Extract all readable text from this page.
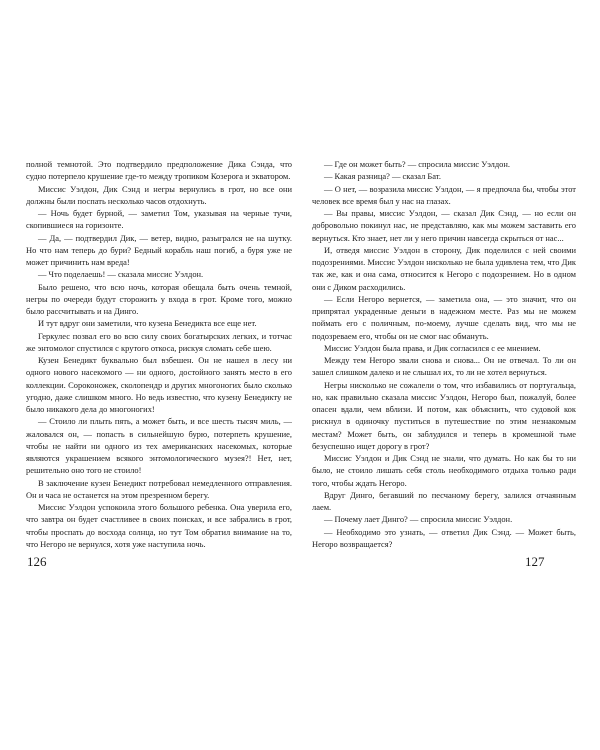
полной темнотой. Это подтвердило предположение Дика Сэнда, что судно потерпело крушение где-то между тропиком Козерога и экватором.

Миссис Уэлдон, Дик Сэнд и негры вернулись в грот, но все они должны были поспать несколько часов отдохнуть.

— Ночь будет бурной, — заметил Том, указывая на черные тучи, скопившиеся на горизонте.

— Да, — подтвердил Дик, — ветер, видно, разыгрался не на шутку. Но что нам теперь до бури? Бедный корабль наш погиб, а буря уже не может причинить нам вреда!

— Что поделаешь! — сказала миссис Уэлдон.

Было решено, что всю ночь, которая обещала быть очень темной, негры по очереди будут сторожить у входа в грот. Кроме того, можно было рассчитывать и на Динго.

И тут вдруг они заметили, что кузена Бенедикта все еще нет.

Геркулес позвал его во всю силу своих богатырских легких, и тотчас же энтомолог спустился с крутого откоса, рискуя сломать себе шею.

Кузен Бенедикт буквально был взбешен. Он не нашел в лесу ни одного нового насекомого — ни одного, достойного занять место в его коллекции. Сороконожек, сколопендр и других многоногих было сколько угодно, даже слишком много. Но ведь известно, что кузену Бенедикту не было никакого дела до многоногих!

— Стоило ли плыть пять, а может быть, и все шесть тысяч миль, — жаловался он, — попасть в сильнейшую бурю, потерпеть крушение, чтобы не найти ни одного из тех американских насекомых, которые являются украшением всякого энтомологического музея?! Нет, нет, решительно оно того не стоило!

В заключение кузен Бенедикт потребовал немедленного отправления. Он и часа не останется на этом презренном берегу.

Миссис Уэлдон успокоила этого большого ребенка. Она уверила его, что завтра он будет счастливее в своих поисках, и все забрались в грот, чтобы проспать до восхода солнца, но тут Том обратил внимание на то, что Негоро не вернулся, хотя уже наступила ночь.

— Где он может быть? — спросила миссис Уэлдон.

— Какая разница? — сказал Бат.

— О нет, — возразила миссис Уэлдон, — я предпочла бы, чтобы этот человек все время был у нас на глазах.

— Вы правы, миссис Уэлдон, — сказал Дик Сэнд, — но если он добровольно покинул нас, не представляю, как мы можем заставить его вернуться. Кто знает, нет ли у него причин навсегда скрыться от нас...

И, отведя миссис Уэлдон в сторону, Дик поделился с ней своими подозрениями. Миссис Уэлдон нисколько не была удивлена тем, что Дик так же, как и она сама, относится к Негоро с подозрением. Но в одном они с Диком расходились.

— Если Негоро вернется, — заметила она, — это значит, что он припрятал украденные деньги в надежном месте. Раз мы не можем поймать его с поличным, по-моему, лучше сделать вид, что мы не подозреваем его, чтобы он не смог нас обмануть.

Миссис Уэлдон была права, и Дик согласился с ее мнением.

Между тем Негоро звали снова и снова... Он не отвечал. То ли он зашел слишком далеко и не слышал их, то ли не хотел вернуться.

Негры нисколько не сожалели о том, что избавились от португальца, но, как правильно сказала миссис Уэлдон, Негоро был, пожалуй, более опасен вдали, чем вблизи. И потом, как объяснить, что судовой кок рискнул в одиночку пуститься в путешествие по этим незнакомым местам? Может быть, он заблудился и теперь в кромешной тьме безуспешно ищет дорогу в грот?

Миссис Уэлдон и Дик Сэнд не знали, что думать. Но как бы то ни было, не стоило лишать себя столь необходимого отдыха только ради того, чтобы ждать Негоро.

Вдруг Динго, бегавший по песчаному берегу, залился отчаянным лаем.

— Почему лает Динго? — спросила миссис Уэлдон.

— Необходимо это узнать, — ответил Дик Сэнд. — Может быть, Негоро возвращается?

126	127
